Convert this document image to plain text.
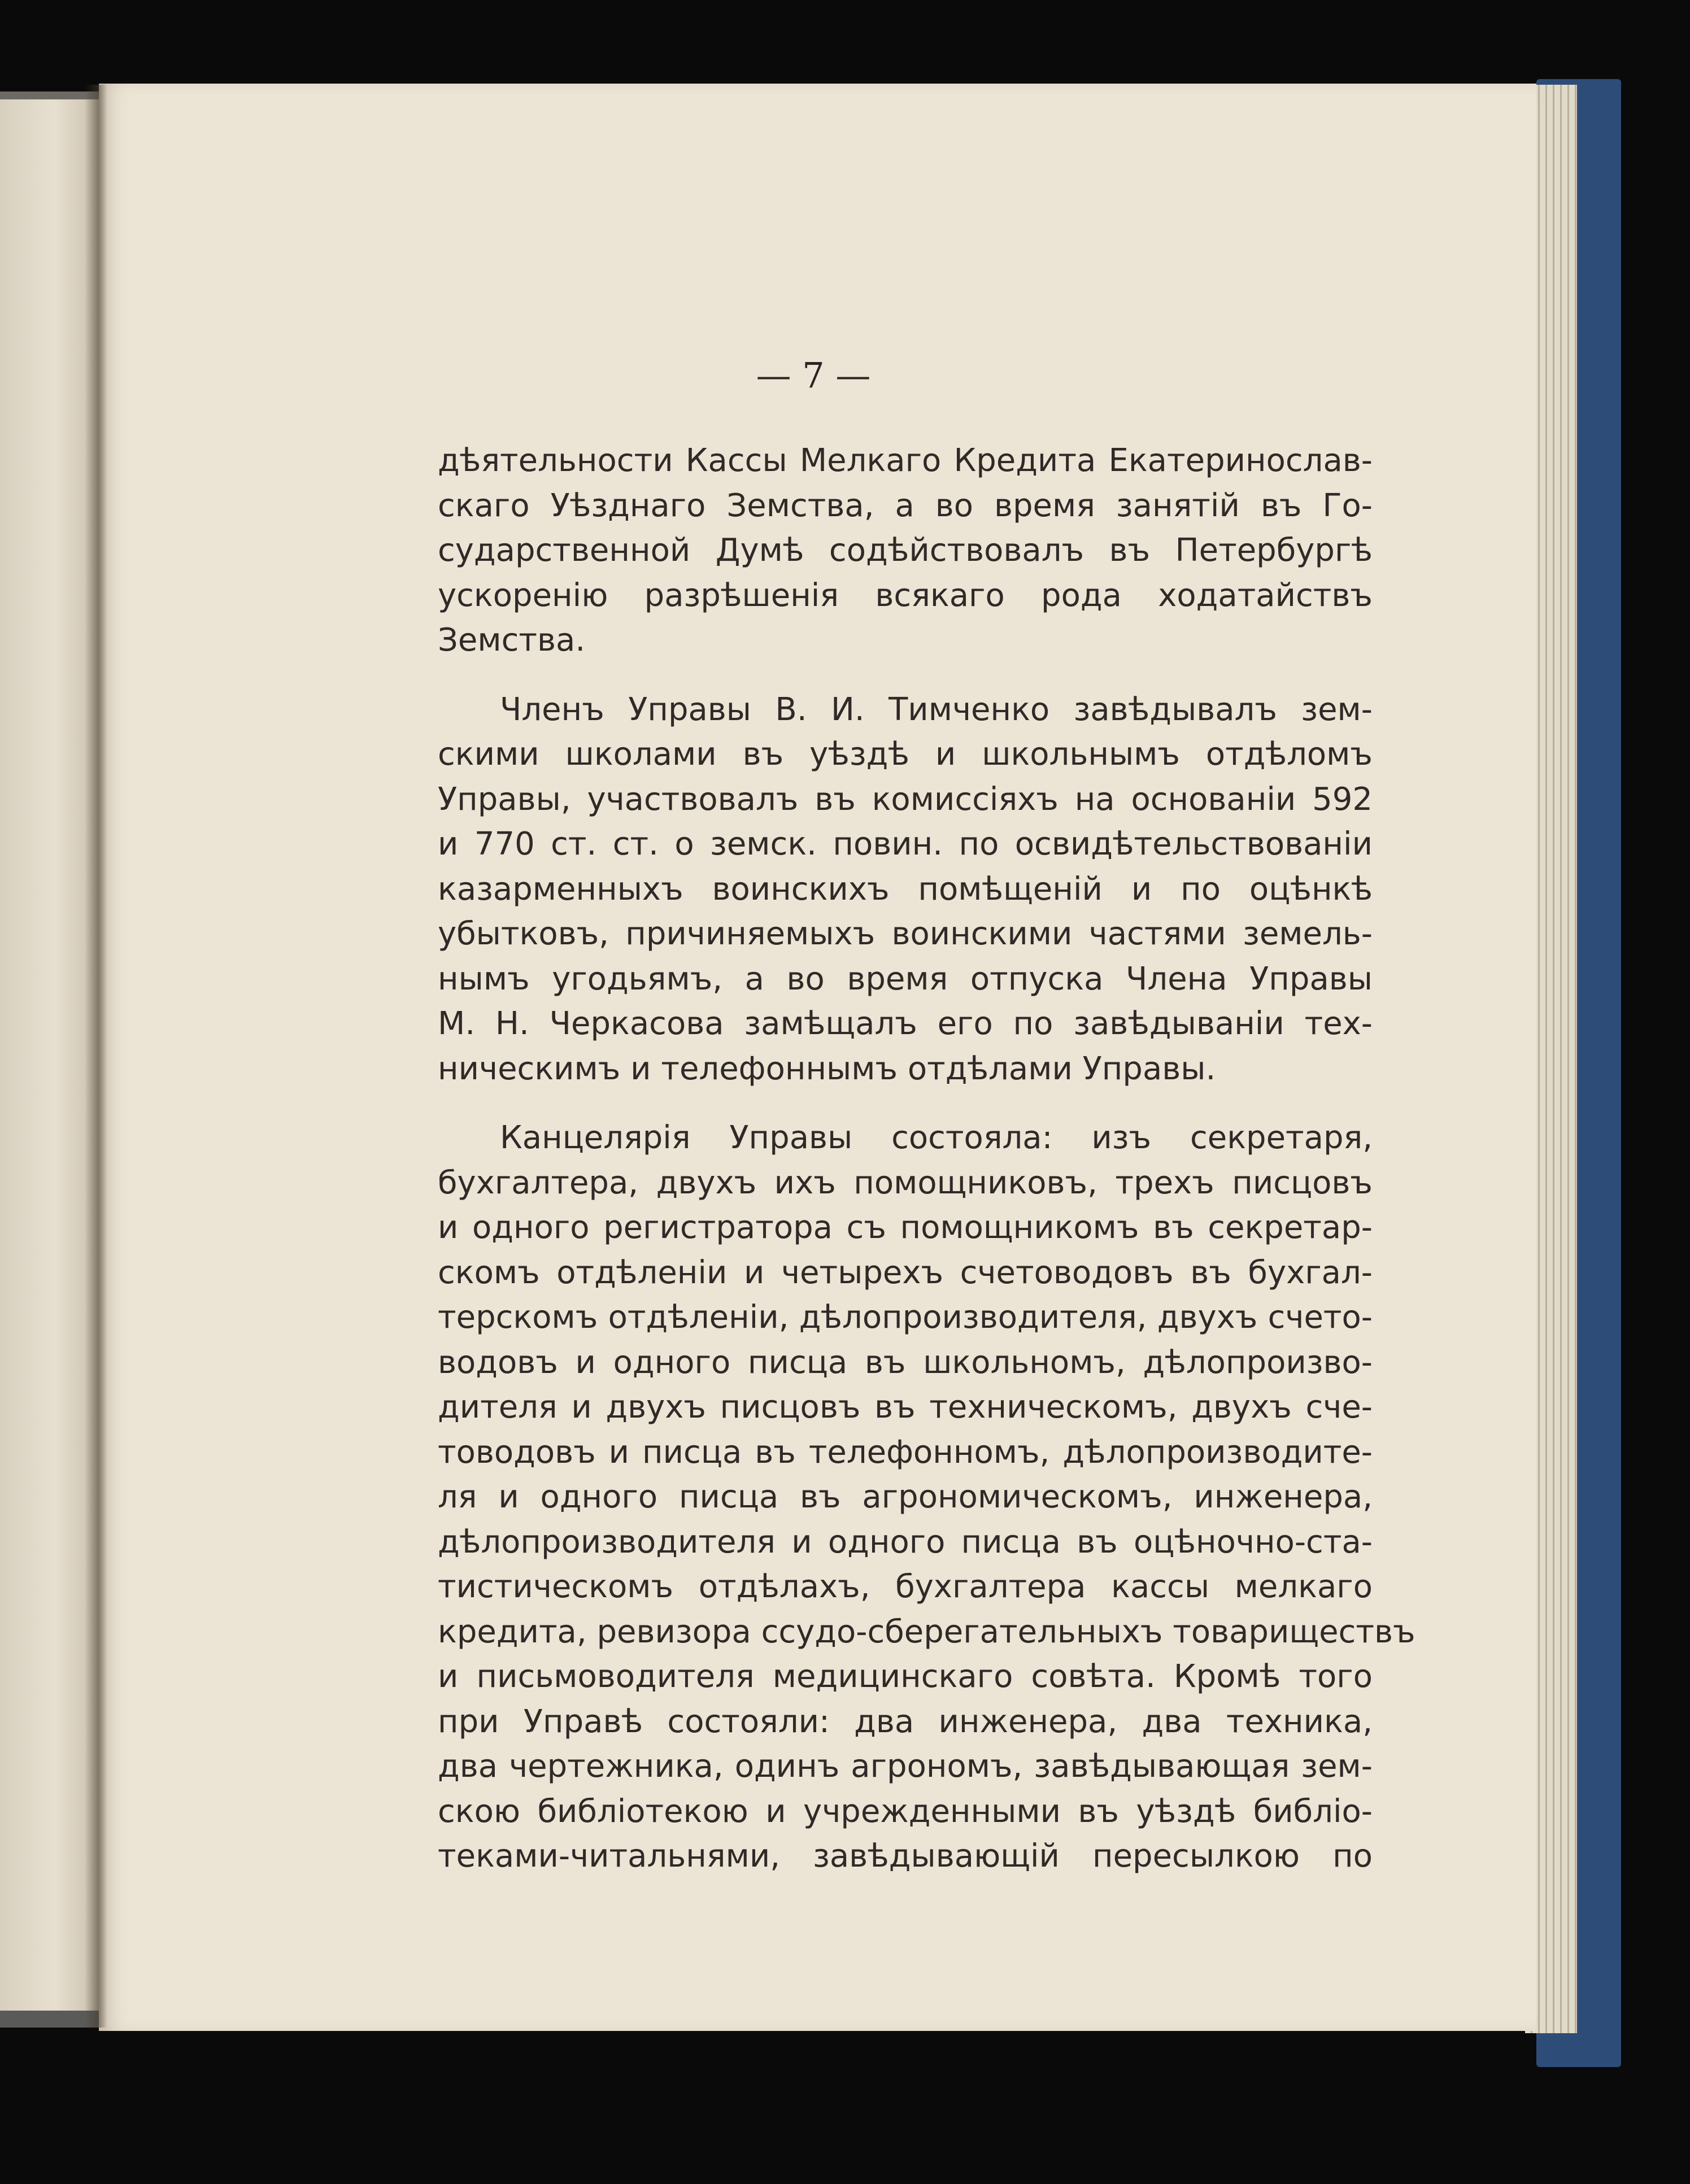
— 7 —
дѣятельности Кассы Мелкаго Кредита Екатеринослав-
скаго Уѣзднаго Земства, а во время занятій въ Го-
сударственной Думѣ содѣйствовалъ въ Петербургѣ
ускоренію разрѣшенія всякаго рода ходатайствъ
Земства.
Членъ Управы В. И. Тимченко завѣдывалъ зем-
скими школами въ уѣздѣ и школьнымъ отдѣломъ
Управы, участвовалъ въ комиссіяхъ на основаніи 592
и 770 ст. ст. о земск. повин. по освидѣтельствованіи
казарменныхъ воинскихъ помѣщеній и по оцѣнкѣ
убытковъ, причиняемыхъ воинскими частями земель-
нымъ угодьямъ, а во время отпуска Члена Управы
М. Н. Черкасова замѣщалъ его по завѣдываніи тех-
ническимъ и телефоннымъ отдѣлами Управы.
Канцелярія Управы состояла: изъ секретаря,
бухгалтера, двухъ ихъ помощниковъ, трехъ писцовъ
и одного регистратора съ помощникомъ въ секретар-
скомъ отдѣленіи и четырехъ счетоводовъ въ бухгал-
терскомъ отдѣленіи, дѣлопроизводителя, двухъ счето-
водовъ и одного писца въ школьномъ, дѣлопроизво-
дителя и двухъ писцовъ въ техническомъ, двухъ сче-
товодовъ и писца въ телефонномъ, дѣлопроизводите-
ля и одного писца въ агрономическомъ, инженера,
дѣлопроизводителя и одного писца въ оцѣночно-ста-
тистическомъ отдѣлахъ, бухгалтера кассы мелкаго
кредита, ревизора ссудо-сберегательныхъ товариществъ
и письмоводителя медицинскаго совѣта. Кромѣ того
при Управѣ состояли: два инженера, два техника,
два чертежника, одинъ агрономъ, завѣдывающая зем-
скою библіотекою и учрежденными въ уѣздѣ библіо-
теками-читальнями, завѣдывающій пересылкою по
